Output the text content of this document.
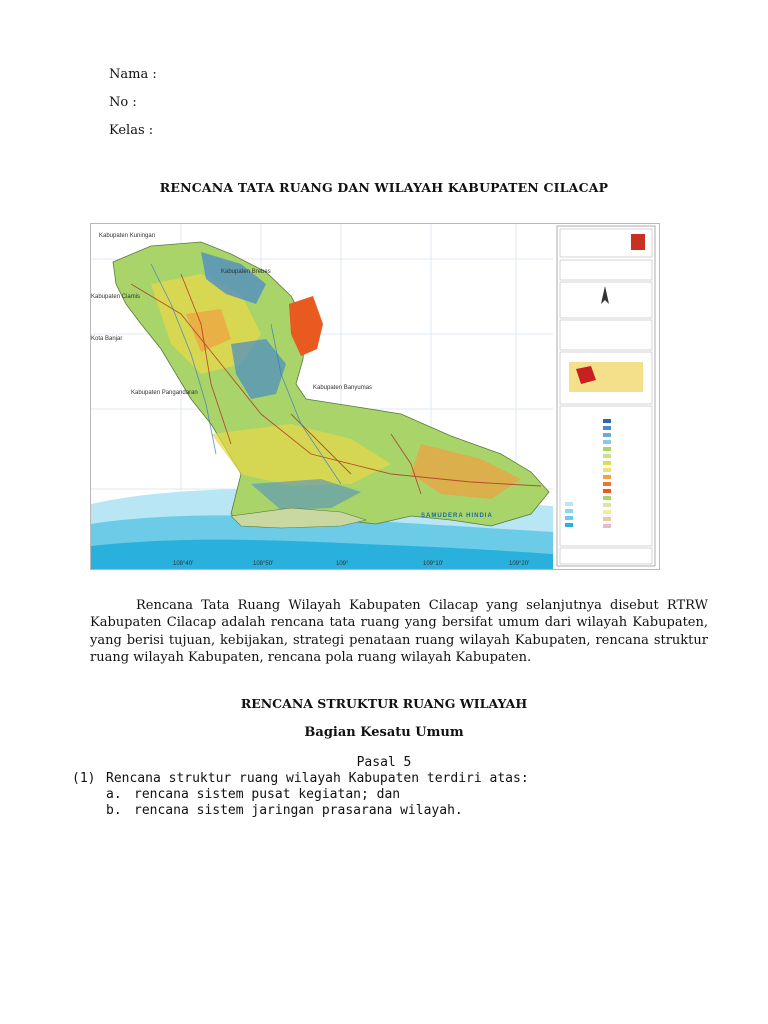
Nama :
No :
Kelas :
RENCANA TATA RUANG DAN WILAYAH KABUPATEN CILACAP
Kabupaten Kuningan
Kabupaten Brebes
Kabupaten Ciamis
Kota Banjar
Kabupaten Pangandaran
Kabupaten Banyumas
SAMUDERA HINDIA
108°40'	108°50'	109°	109°10'	109°20'
Rencana Tata Ruang Wilayah Kabupaten Cilacap yang selanjutnya disebut RTRW Kabupaten Cilacap adalah rencana tata ruang yang bersifat umum dari wilayah Kabupaten, yang berisi tujuan, kebijakan, strategi penataan ruang wilayah Kabupaten, rencana struktur ruang wilayah Kabupaten, rencana pola ruang wilayah Kabupaten.
RENCANA STRUKTUR RUANG WILAYAH
Bagian Kesatu Umum
Pasal 5
(1) Rencana struktur ruang wilayah Kabupaten terdiri atas:
a. rencana sistem pusat kegiatan; dan
b. rencana sistem jaringan prasarana wilayah.
